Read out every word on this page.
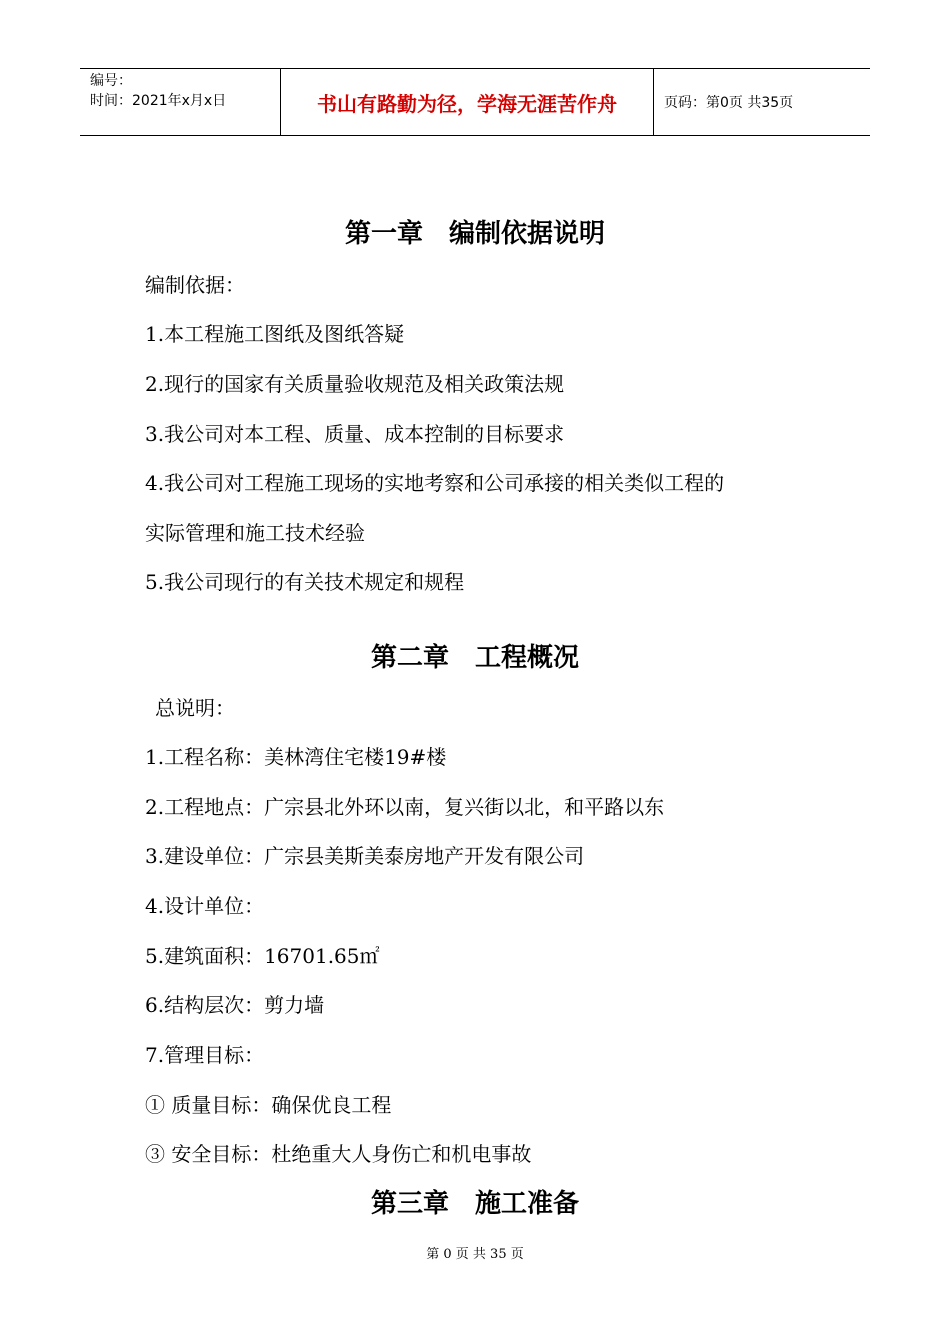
编号：
时间：2021年x月x日	书山有路勤为径，学海无涯苦作舟	页码：第0页 共35页
第一章　编制依据说明
编制依据：
1.本工程施工图纸及图纸答疑
2.现行的国家有关质量验收规范及相关政策法规
3.我公司对本工程、质量、成本控制的目标要求
4.我公司对工程施工现场的实地考察和公司承接的相关类似工程的
实际管理和施工技术经验
5.我公司现行的有关技术规定和规程
第二章　工程概况
总说明：
1.工程名称：美林湾住宅楼19#楼
2.工程地点：广宗县北外环以南，复兴街以北，和平路以东
3.建设单位：广宗县美斯美泰房地产开发有限公司
4.设计单位：
5.建筑面积：16701.65㎡
6.结构层次：剪力墙
7.管理目标：
① 质量目标：确保优良工程
③ 安全目标：杜绝重大人身伤亡和机电事故
第三章　施工准备
第 0 页 共 35 页
